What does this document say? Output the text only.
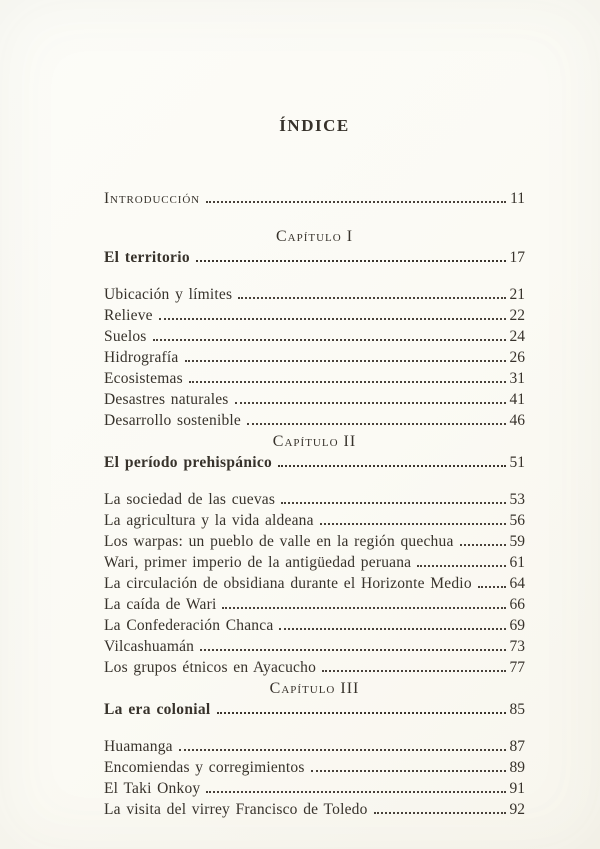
ÍNDICE
Introducción	11
Capítulo I
El territorio	17
Ubicación y límites	21
Relieve	22
Suelos	24
Hidrografía	26
Ecosistemas	31
Desastres naturales	41
Desarrollo sostenible	46
Capítulo II
El período prehispánico	51
La sociedad de las cuevas	53
La agricultura y la vida aldeana	56
Los warpas: un pueblo de valle en la región quechua	59
Wari, primer imperio de la antigüedad peruana	61
La circulación de obsidiana durante el Horizonte Medio 64
La caída de Wari	66
La Confederación Chanca	69
Vilcashuamán	73
Los grupos étnicos en Ayacucho	77
Capítulo III
La era colonial	85
Huamanga	87
Encomiendas y corregimientos	89
El Taki Onkoy	91
La visita del virrey Francisco de Toledo	92
